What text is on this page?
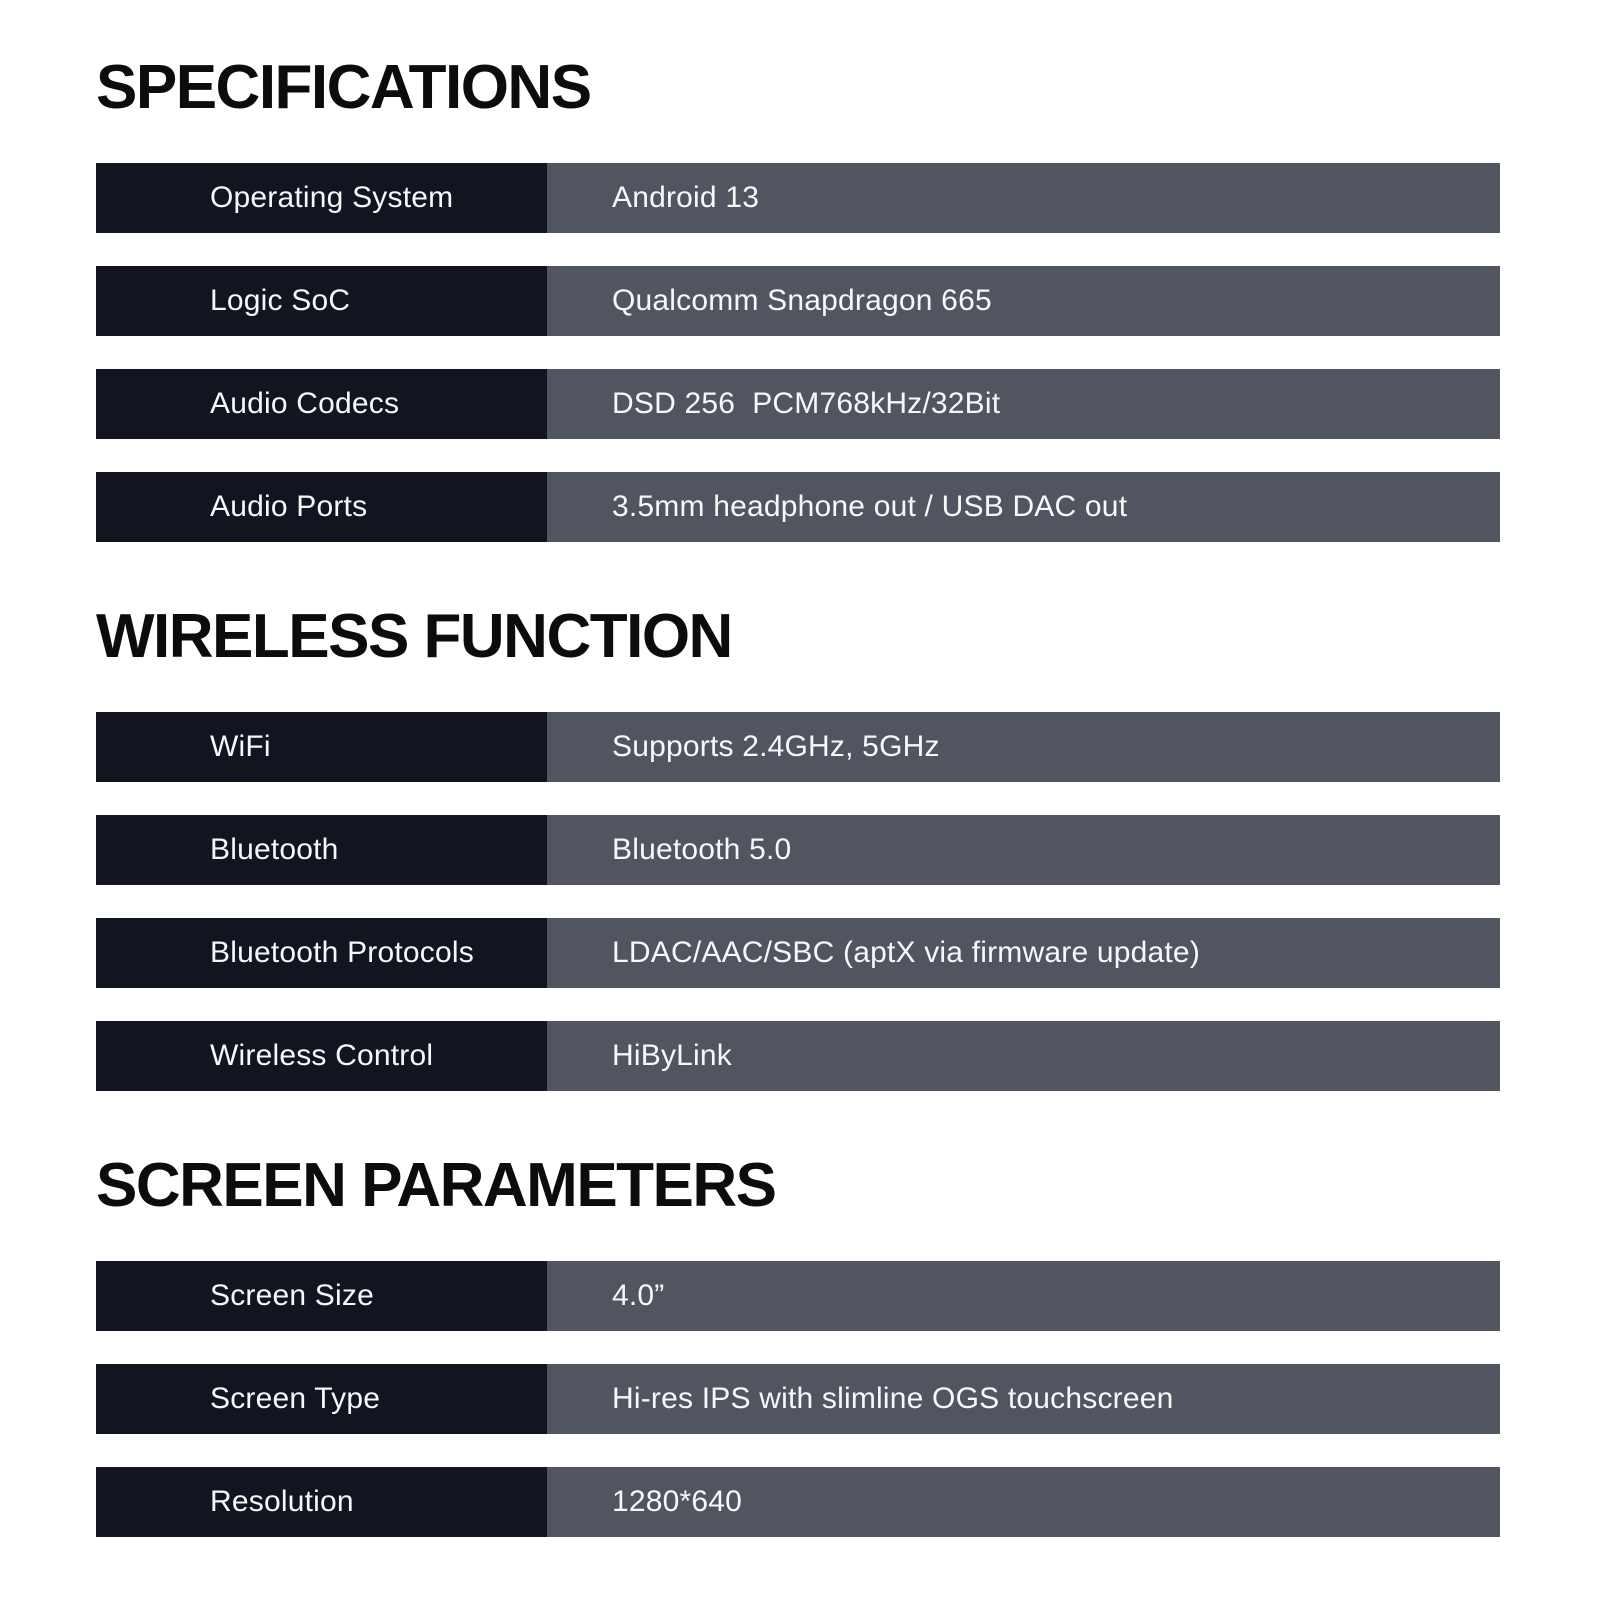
SPECIFICATIONS
Operating System	Android 13
Logic SoC	Qualcomm Snapdragon 665
Audio Codecs	DSD 256  PCM768kHz/32Bit
Audio Ports	3.5mm headphone out / USB DAC out
WIRELESS FUNCTION
WiFi	Supports 2.4GHz, 5GHz
Bluetooth	Bluetooth 5.0
Bluetooth Protocols	LDAC/AAC/SBC (aptX via firmware update)
Wireless Control	HiByLink
SCREEN PARAMETERS
Screen Size	4.0”
Screen Type	Hi-res IPS with slimline OGS touchscreen
Resolution	1280*640
